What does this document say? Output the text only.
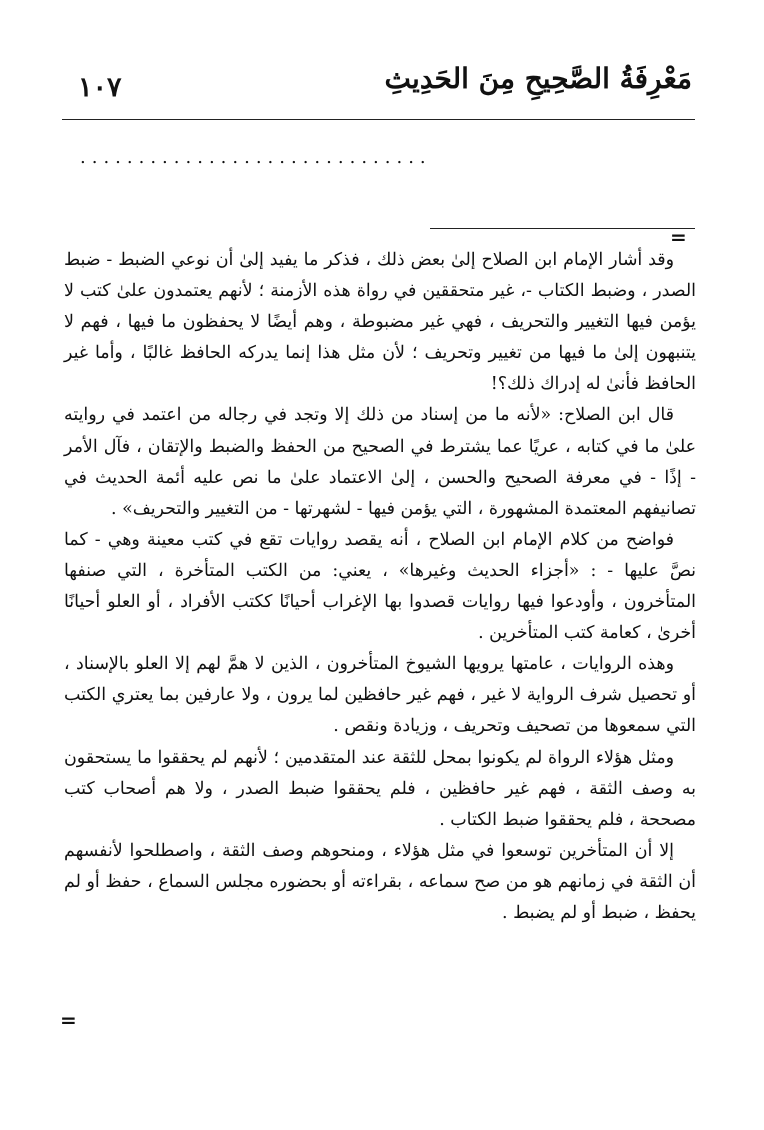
١٠٧	مَعْرِفَةُ الصَّحِيحِ مِنَ الحَدِيثِ
..............................
=
=

وقد أشار الإمام ابن الصلاح إلىٰ بعض ذلك ، فذكر ما يفيد إلىٰ أن نوعي الضبط - ضبط الصدر ، وضبط الكتاب -، غير متحققين في رواة هذه الأزمنة ؛ لأنهم يعتمدون علىٰ كتب لا يؤمن فيها التغيير والتحريف ، فهي غير مضبوطة ، وهم أيضًا لا يحفظون ما فيها ، فهم لا يتنبهون إلىٰ ما فيها من تغيير وتحريف ؛ لأن مثل هذا إنما يدركه الحافظ غالبًا ، وأما غير الحافظ فأنىٰ له إدراك ذلك؟!

قال ابن الصلاح: «لأنه ما من إسناد من ذلك إلا وتجد في رجاله من اعتمد في روايته علىٰ ما في كتابه ، عريًا عما يشترط في الصحيح من الحفظ والضبط والإتقان ، فآل الأمر - إذًا - في معرفة الصحيح والحسن ، إلىٰ الاعتماد علىٰ ما نص عليه أئمة الحديث في تصانيفهم المعتمدة المشهورة ، التي يؤمن فيها - لشهرتها - من التغيير والتحريف» .

فواضح من كلام الإمام ابن الصلاح ، أنه يقصد روايات تقع في كتب معينة وهي - كما نصَّ عليها - : «أجزاء الحديث وغيرها» ، يعني: من الكتب المتأخرة ، التي صنفها المتأخرون ، وأودعوا فيها روايات قصدوا بها الإغراب أحيانًا ككتب الأفراد ، أو العلو أحيانًا أخرىٰ ، كعامة كتب المتأخرين .

وهذه الروايات ، عامتها يرويها الشيوخ المتأخرون ، الذين لا همَّ لهم إلا العلو بالإسناد ، أو تحصيل شرف الرواية لا غير ، فهم غير حافظين لما يرون ، ولا عارفين بما يعتري الكتب التي سمعوها من تصحيف وتحريف ، وزيادة ونقص .

ومثل هؤلاء الرواة لم يكونوا بمحل للثقة عند المتقدمين ؛ لأنهم لم يحققوا ما يستحقون به وصف الثقة ، فهم غير حافظين ، فلم يحققوا ضبط الصدر ، ولا هم أصحاب كتب مصححة ، فلم يحققوا ضبط الكتاب .

إلا أن المتأخرين توسعوا في مثل هؤلاء ، ومنحوهم وصف الثقة ، واصطلحوا لأنفسهم أن الثقة في زمانهم هو من صح سماعه ، بقراءته أو بحضوره مجلس السماع ، حفظ أو لم يحفظ ، ضبط أو لم يضبط .
